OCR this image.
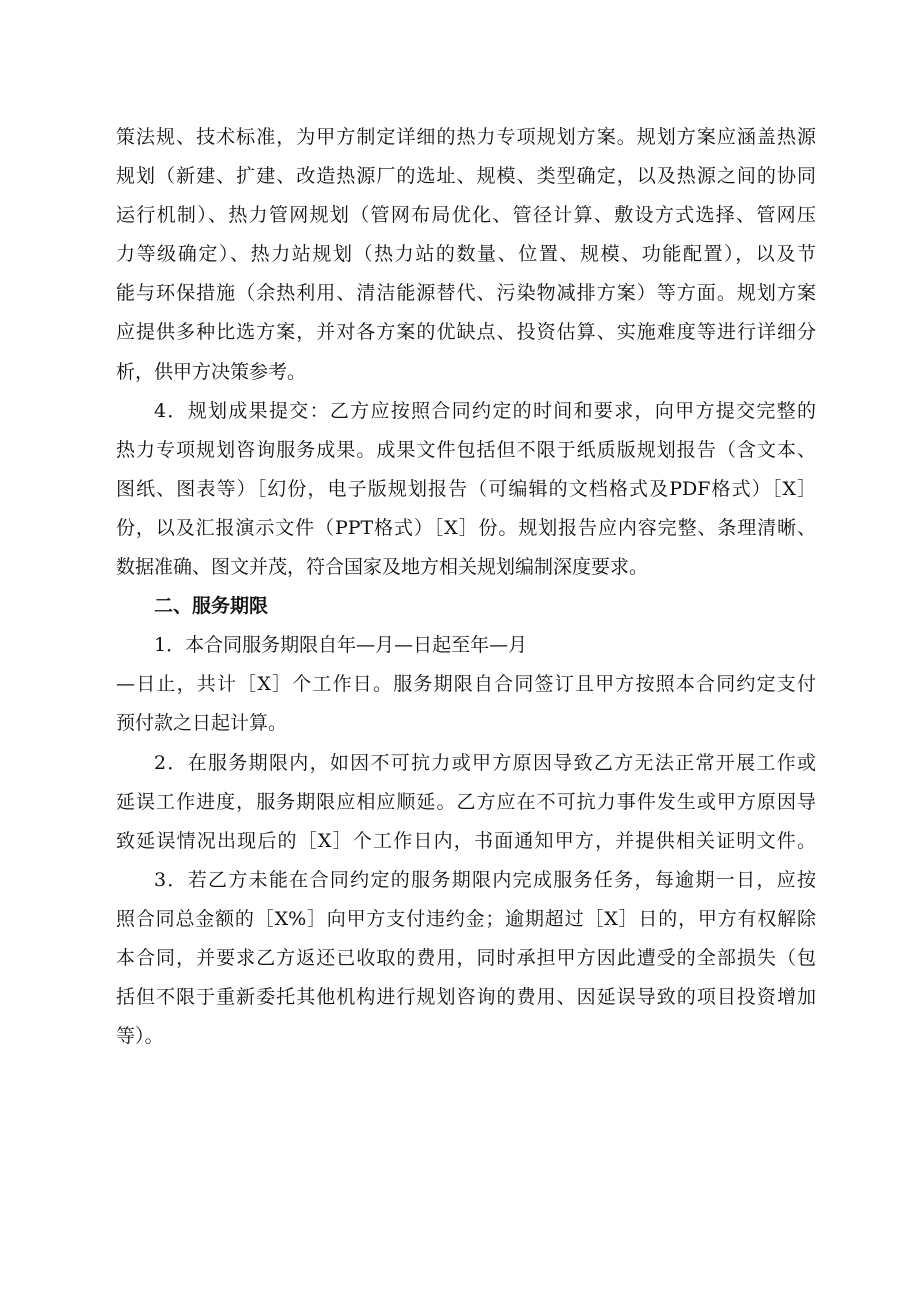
策法规、技术标准，为甲方制定详细的热力专项规划方案。规划方案应涵盖热源
规划（新建、扩建、改造热源厂的选址、规模、类型确定，以及热源之间的协同
运行机制）、热力管网规划（管网布局优化、管径计算、敷设方式选择、管网压
力等级确定）、热力站规划（热力站的数量、位置、规模、功能配置），以及节
能与环保措施（余热利用、清洁能源替代、污染物减排方案）等方面。规划方案
应提供多种比选方案，并对各方案的优缺点、投资估算、实施难度等进行详细分
析，供甲方决策参考。
4．规划成果提交：乙方应按照合同约定的时间和要求，向甲方提交完整的
热力专项规划咨询服务成果。成果文件包括但不限于纸质版规划报告（含文本、
图纸、图表等）［幻份，电子版规划报告（可编辑的文档格式及PDF格式）［X］
份，以及汇报演示文件（PPT格式）［X］份。规划报告应内容完整、条理清晰、
数据准确、图文并茂，符合国家及地方相关规划编制深度要求。
二、服务期限
1．本合同服务期限自年—月—日起至年—月
—日止，共计［X］个工作日。服务期限自合同签订且甲方按照本合同约定支付
预付款之日起计算。
2．在服务期限内，如因不可抗力或甲方原因导致乙方无法正常开展工作或
延误工作进度，服务期限应相应顺延。乙方应在不可抗力事件发生或甲方原因导
致延误情况出现后的［X］个工作日内，书面通知甲方，并提供相关证明文件。
3．若乙方未能在合同约定的服务期限内完成服务任务，每逾期一日，应按
照合同总金额的［X%］向甲方支付违约金；逾期超过［X］日的，甲方有权解除
本合同，并要求乙方返还已收取的费用，同时承担甲方因此遭受的全部损失（包
括但不限于重新委托其他机构进行规划咨询的费用、因延误导致的项目投资增加
等）。
